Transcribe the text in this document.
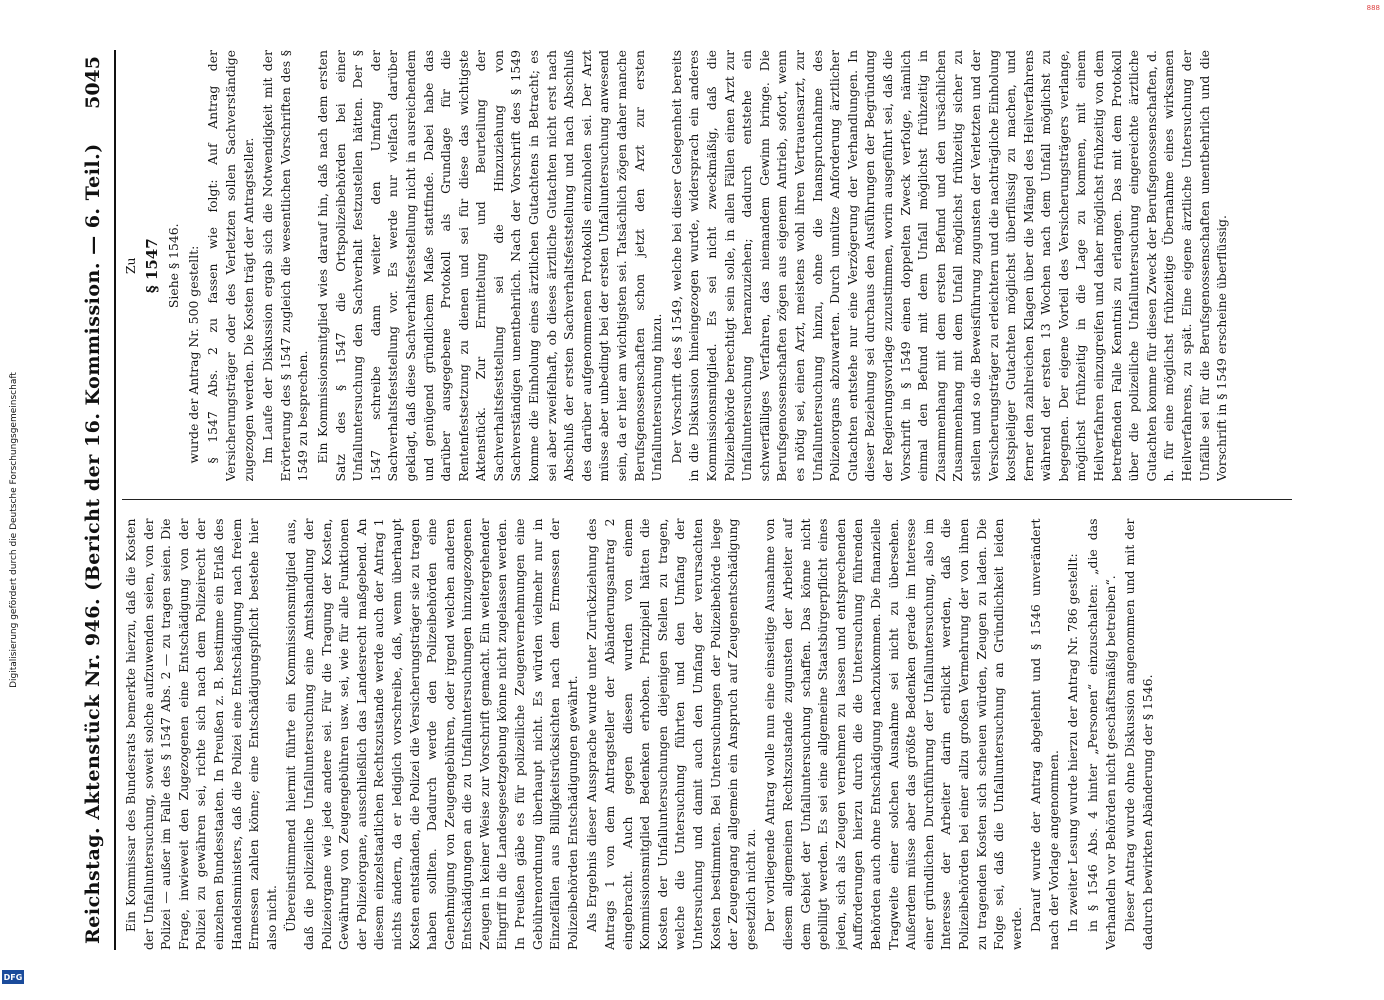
888
Digitalisierung gefördert durch die Deutsche Forschungsgemeinschaft
DFG
Reichstag. Aktenstück Nr. 946. (Bericht der 16. Kommission. — 6. Teil.)
5045

Ein Kommissar des Bundesrats bemerkte hierzu, daß die Kosten der Unfalluntersuchung, soweit solche aufzuwenden seien, von der Polizei — außer im Falle des § 1547 Abs. 2 — zu tragen seien. Die Frage, inwieweit den Zugezogenen eine Entschädigung von der Polizei zu gewähren sei, richte sich nach dem Polizeirecht der einzelnen Bundesstaaten. In Preußen z. B. bestimme ein Erlaß des Handelsministers, daß die Polizei eine Entschädigung nach freiem Ermessen zahlen könne; eine Entschädigungspflicht bestehe hier also nicht. Übereinstimmend hiermit führte ein Kommissionsmitglied aus, daß die polizeiliche Unfalluntersuchung eine Amtshandlung der Polizeiorgane wie jede andere sei. Für die Tragung der Kosten, Gewährung von Zeugengebühren usw. sei, wie für alle Funktionen der Polizeiorgane, ausschließlich das Landesrecht maßgebend. An diesem einzelstaatlichen Rechtszustande werde auch der Antrag 1 nichts ändern, da er lediglich vorschreibe, daß, wenn überhaupt Kosten entständen, die Polizei die Versicherungsträger sie zu tragen haben sollten. Dadurch werde den Polizeibehörden eine Genehmigung von Zeugengebühren, oder irgend welchen anderen Entschädigungen an die zu Unfalluntersuchungen hinzugezogenen Zeugen in keiner Weise zur Vorschrift gemacht. Ein weitergehender Eingriff in die Landesgesetzgebung könne nicht zugelassen werden. In Preußen gäbe es für polizeiliche Zeugenvernehmungen eine Gebührenordnung überhaupt nicht. Es würden vielmehr nur in Einzelfällen aus Billigkeitsrücksichten nach dem Ermessen der Polizeibehörden Entschädigungen gewährt. Als Ergebnis dieser Aussprache wurde unter Zurückziehung des Antrags 1 von dem Antragsteller der Abänderungsantrag 2 eingebracht. Auch gegen diesen wurden von einem Kommissionsmitglied Bedenken erhoben. Prinzipiell hätten die Kosten der Unfalluntersuchungen diejenigen Stellen zu tragen, welche die Untersuchung führten und den Umfang der Untersuchung und damit auch den Umfang der verursachten Kosten bestimmten. Bei Untersuchungen der Polizeibehörde liege der Zeugengang allgemein ein Anspruch auf Zeugenentschädigung gesetzlich nicht zu. Der vorliegende Antrag wolle nun eine einseitige Ausnahme von diesem allgemeinen Rechtszustande zugunsten der Arbeiter auf dem Gebiet der Unfalluntersuchung schaffen. Das könne nicht gebilligt werden. Es sei eine allgemeine Staatsbürgerpflicht eines jeden, sich als Zeugen vernehmen zu lassen und entsprechenden Aufforderungen hierzu durch die die Untersuchung führenden Behörden auch ohne Entschädigung nachzukommen. Die finanzielle Tragweite einer solchen Ausnahme sei nicht zu übersehen. Außerdem müsse aber das größte Bedenken gerade im Interesse einer gründlichen Durchführung der Unfalluntersuchung, also im Interesse der Arbeiter darin erblickt werden, daß die Polizeibehörden bei einer allzu großen Vermehrung der von ihnen zu tragenden Kosten sich scheuen würden, Zeugen zu laden. Die Folge sei, daß die Unfalluntersuchung an Gründlichkeit leiden werde. Darauf wurde der Antrag abgelehnt und § 1546 unverändert nach der Vorlage angenommen. In zweiter Lesung wurde hierzu der Antrag Nr. 786 gestellt: in § 1546 Abs. 4 hinter „Personen“ einzuschalten: „die das Verhandeln vor Behörden nicht geschäftsmäßig betreiben“. Dieser Antrag wurde ohne Diskussion angenommen und mit der dadurch bewirkten Abänderung der § 1546.

Zu § 1547 Siehe § 1546. wurde der Antrag Nr. 500 gestellt: § 1547 Abs. 2 zu fassen wie folgt: Auf Antrag der Versicherungsträger oder des Verletzten sollen Sachverständige zugezogen werden. Die Kosten trägt der Antragsteller. Im Laufe der Diskussion ergab sich die Notwendigkeit mit der Erörterung des § 1547 zugleich die wesentlichen Vorschriften des § 1549 zu besprechen. Ein Kommissionsmitglied wies darauf hin, daß nach dem ersten Satz des § 1547 die Ortspolizeibehörden bei einer Unfalluntersuchung den Sachverhalt festzustellen hätten. Der § 1547 schreibe dann weiter den Umfang der Sachverhaltsfeststellung vor. Es werde nur vielfach darüber geklagt, daß diese Sachverhaltsfeststellung nicht in ausreichendem und genügend gründlichem Maße stattfinde. Dabei habe das darüber ausgegebene Protokoll als Grundlage für die Rentenfestsetzung zu dienen und sei für diese das wichtigste Aktenstück. Zur Ermittelung und Beurteilung der Sachverhaltsfeststellung sei die Hinzuziehung von Sachverständigen unentbehrlich. Nach der Vorschrift des § 1549 komme die Einholung eines ärztlichen Gutachtens in Betracht; es sei aber zweifelhaft, ob dieses ärztliche Gutachten nicht erst nach Abschluß der ersten Sachverhaltsfeststellung und nach Abschluß des darüber aufgenommenen Protokolls einzuholen sei. Der Arzt müsse aber unbedingt bei der ersten Unfalluntersuchung anwesend sein, da er hier am wichtigsten sei. Tatsächlich zögen daher manche Berufsgenossenschaften schon jetzt den Arzt zur ersten Unfalluntersuchung hinzu. Der Vorschrift des § 1549, welche bei dieser Gelegenheit bereits in die Diskussion hineingezogen wurde, widersprach ein anderes Kommissionsmitglied. Es sei nicht zweckmäßig, daß die Polizeibehörde berechtigt sein solle, in allen Fällen einen Arzt zur Unfalluntersuchung heranzuziehen; dadurch entstehe ein schwerfälliges Verfahren, das niemandem Gewinn bringe. Die Berufsgenossenschaften zögen aus eigenem Antrieb, sofort, wenn es nötig sei, einen Arzt, meistens wohl ihren Vertrauensarzt, zur Unfalluntersuchung hinzu, ohne die Inanspruchnahme des Polizeiorgans abzuwarten. Durch unnütze Anforderung ärztlicher Gutachten entstehe nur eine Verzögerung der Verhandlungen. In dieser Beziehung sei durchaus den Ausführungen der Begründung der Regierungsvorlage zuzustimmen, worin ausgeführt sei, daß die Vorschrift in § 1549 einen doppelten Zweck verfolge, nämlich einmal den Befund mit dem Unfall möglichst frühzeitig in Zusammenhang mit dem ersten Befund und den ursächlichen Zusammenhang mit dem Unfall möglichst frühzeitig sicher zu stellen und so die Beweisführung zugunsten der Verletzten und der Versicherungsträger zu erleichtern und die nachträgliche Einholung kostspieliger Gutachten möglichst überflüssig zu machen, und ferner den zahlreichen Klagen über die Mängel des Heilverfahrens während der ersten 13 Wochen nach dem Unfall möglichst zu begegnen. Der eigene Vorteil des Versicherungsträgers verlange, möglichst frühzeitig in die Lage zu kommen, mit einem Heilverfahren einzugreifen und daher möglichst frühzeitig von dem betreffenden Falle Kenntnis zu erlangen. Das mit dem Protokoll über die polizeiliche Unfalluntersuchung eingereichte ärztliche Gutachten komme für diesen Zweck der Berufsgenossenschaften, d. h. für eine möglichst frühzeitige Übernahme eines wirksamen Heilverfahrens, zu spät. Eine eigene ärztliche Untersuchung der Unfälle sei für die Berufsgenossenschaften unentbehrlich und die Vorschrift in § 1549 erscheine überflüssig.
